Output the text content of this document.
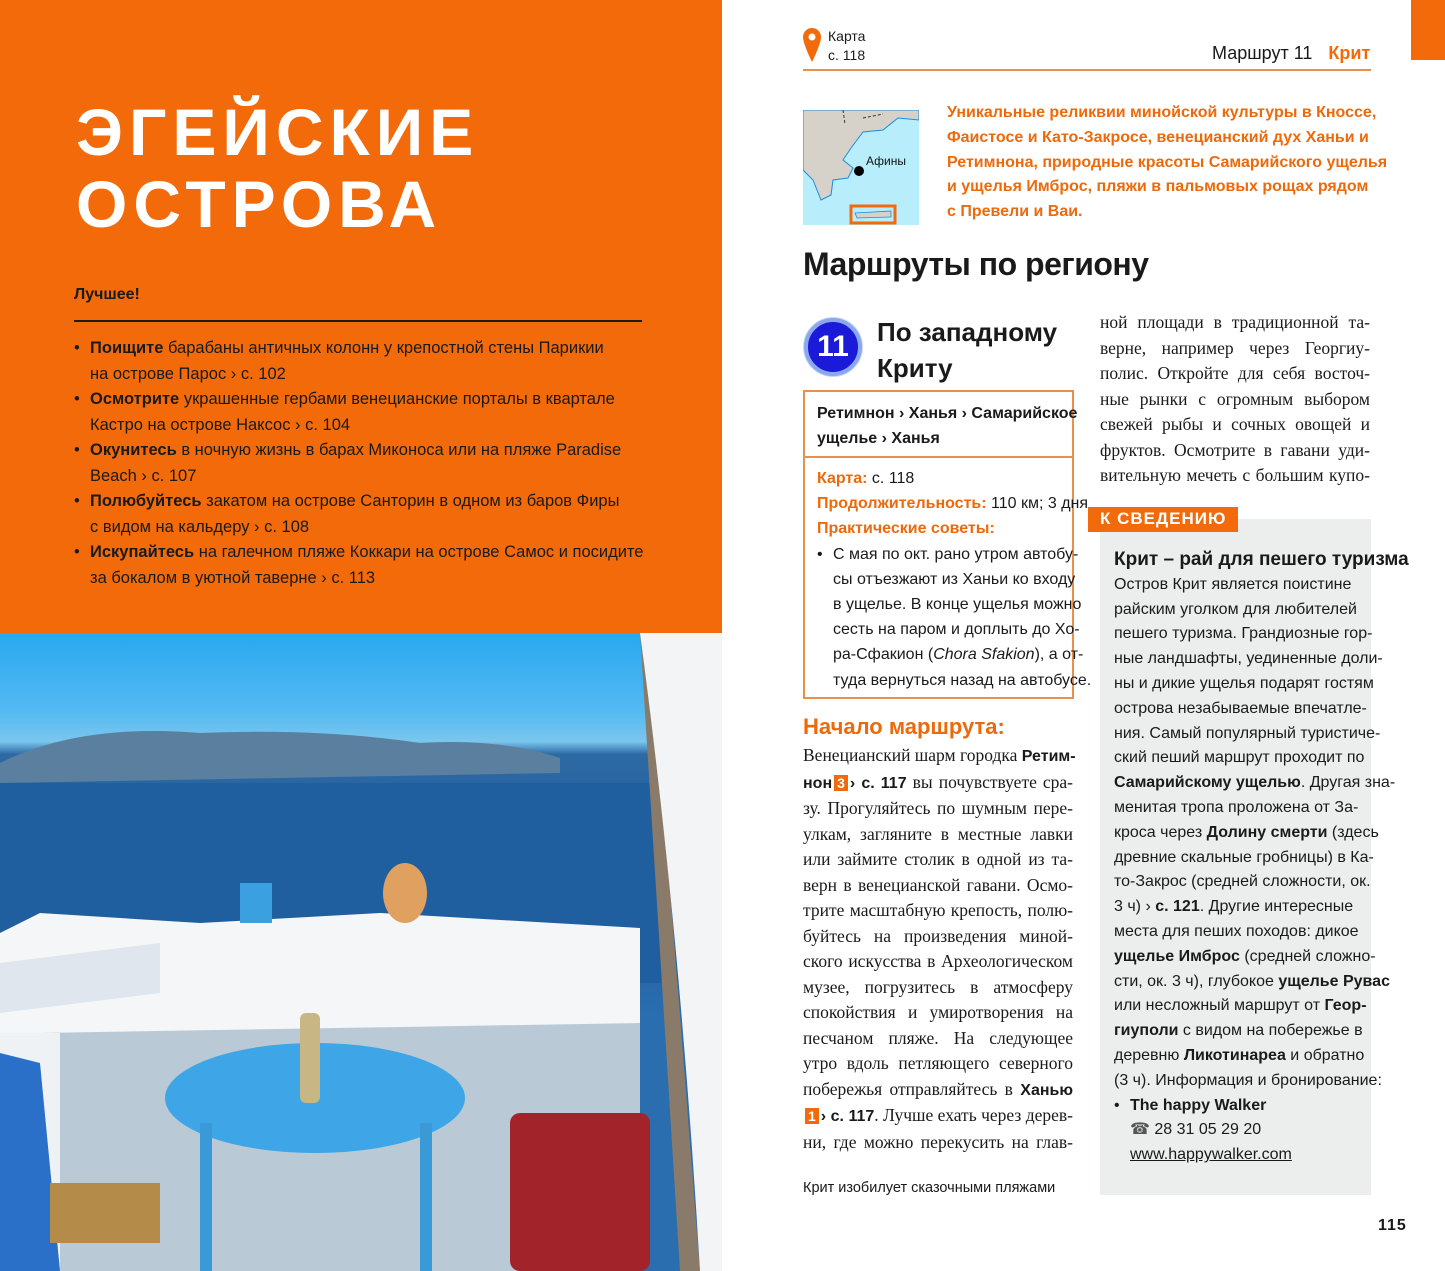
ЭГЕЙСКИЕ
ОСТРОВА
Лучшее!
• Поищите барабаны античных колонн у крепостной стены Парикии
на острове Парос › с. 102
• Осмотрите украшенные гербами венецианские порталы в квартале
Кастро на острове Наксос › с. 104
• Окунитесь в ночную жизнь в барах Миконоса или на пляже Paradise
Beach › с. 107
• Полюбуйтесь закатом на острове Санторин в одном из баров Фиры
с видом на кальдеру › с. 108
• Искупайтесь на галечном пляже Коккари на острове Самос и посидите
за бокалом в уютной таверне › с. 113
Карта
с. 118	Маршрут 11 Крит
Афины
Уникальные реликвии минойской культуры в Кноссе,
Фаистосе и Като-Закросе, венецианский дух Ханьи и
Ретимнона, природные красоты Самарийского ущелья
и ущелья Имброс, пляжи в пальмовых рощах рядом
с Превели и Ваи.
Маршруты по региону
11	По западному
Криту
Ретимнон › Ханья › Самарийское
ущелье › Ханья
Карта: с. 118
Продолжительность: 110 км; 3 дня
Практические советы:
• С мая по окт. рано утром автобу-
сы отъезжают из Ханьи ко входу
в ущелье. В конце ущелья можно
сесть на паром и доплыть до Хо-
ра-Сфакион (Chora Sfakion), а от-
туда вернуться назад на автобусе.
Начало маршрута:
Венецианский шарм городка Ретим-
нон 3 › с. 117 вы почувствуете сра-
зу. Прогуляйтесь по шумным пере-
улкам, загляните в местные лавки
или займите столик в одной из та-
верн в венецианской гавани. Осмо-
трите масштабную крепость, полю-
буйтесь на произведения миной-
ского искусства в Археологическом
музее, погрузитесь в атмосферу
спокойствия и умиротворения на
песчаном пляже. На следующее
утро вдоль петляющего северного
побережья отправляйтесь в Ханью
1 › с. 117. Лучше ехать через дерев-
ни, где можно перекусить на глав-
ной площади в традиционной та-
верне, например через Георгиу-
полис. Откройте для себя восточ-
ные рынки с огромным выбором
свежей рыбы и сочных овощей и
фруктов. Осмотрите в гавани уди-
вительную мечеть с большим купо-
Крит изобилует сказочными пляжами
К СВЕДЕНИЮ
Крит – рай для пешего туризма
Остров Крит является поистине
райским уголком для любителей
пешего туризма. Грандиозные гор-
ные ландшафты, уединенные доли-
ны и дикие ущелья подарят гостям
острова незабываемые впечатле-
ния. Самый популярный туристиче-
ский пеший маршрут проходит по
Самарийскому ущелью. Другая зна-
менитая тропа проложена от За-
кроса через Долину смерти (здесь
древние скальные гробницы) в Ка-
то-Закрос (средней сложности, ок.
3 ч) › с. 121. Другие интересные
места для пеших походов: дикое
ущелье Имброс (средней сложно-
сти, ок. 3 ч), глубокое ущелье Рувас
или несложный маршрут от Геор-
гиуполи с видом на побережье в
деревню Ликотинареа и обратно
(3 ч). Информация и бронирование:
• The happy Walker
☎ 28 31 05 29 20
www.happywalker.com
115
